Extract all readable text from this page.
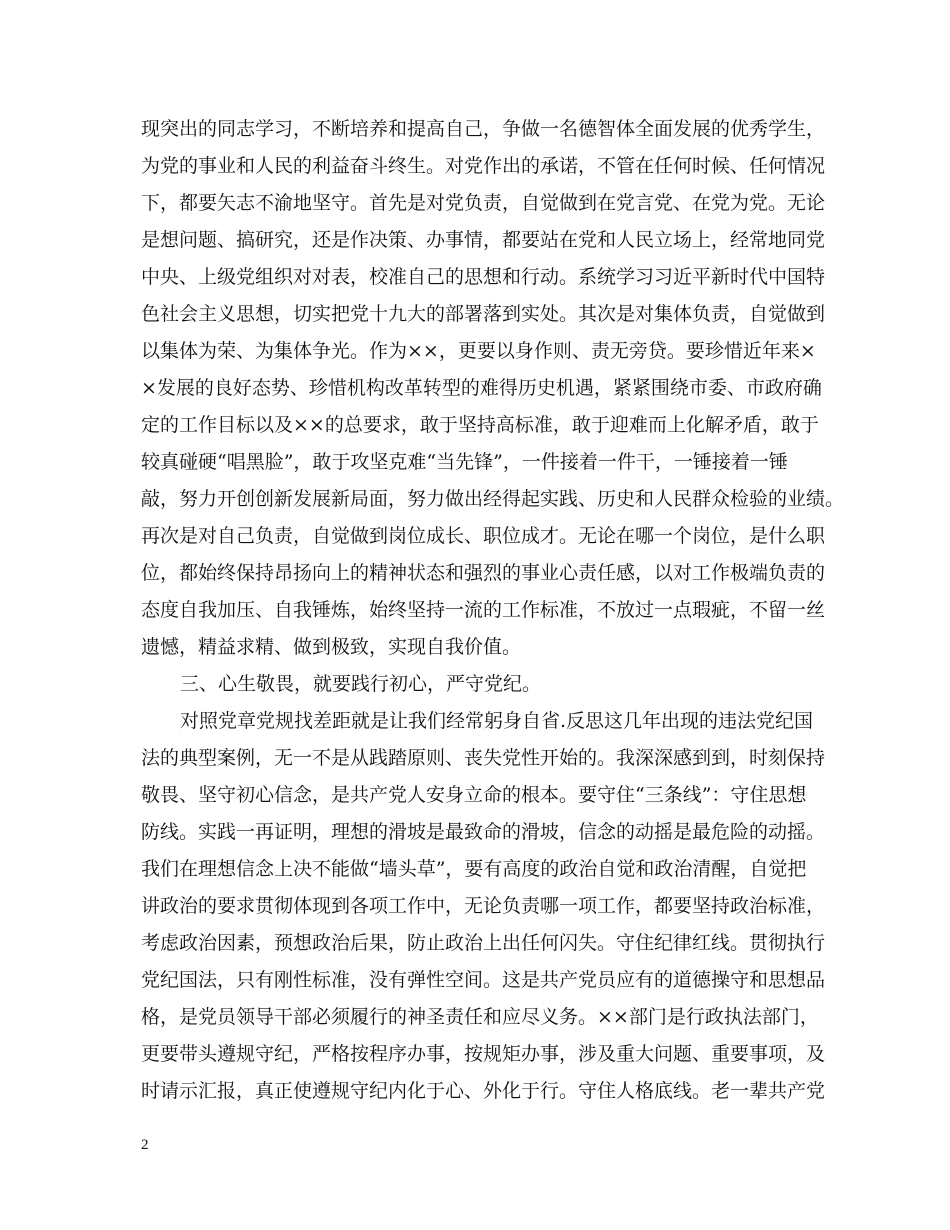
现突出的同志学习，不断培养和提高自己，争做一名德智体全面发展的优秀学生，
为党的事业和人民的利益奋斗终生。对党作出的承诺，不管在任何时候、任何情况
下，都要矢志不渝地坚守。首先是对党负责，自觉做到在党言党、在党为党。无论
是想问题、搞研究，还是作决策、办事情，都要站在党和人民立场上，经常地同党
中央、上级党组织对对表，校准自己的思想和行动。系统学习习近平新时代中国特
色社会主义思想，切实把党十九大的部署落到实处。其次是对集体负责，自觉做到
以集体为荣、为集体争光。作为××，更要以身作则、责无旁贷。要珍惜近年来×
×发展的良好态势、珍惜机构改革转型的难得历史机遇，紧紧围绕市委、市政府确
定的工作目标以及××的总要求，敢于坚持高标准，敢于迎难而上化解矛盾，敢于
较真碰硬“唱黑脸”，敢于攻坚克难“当先锋”，一件接着一件干，一锤接着一锤
敲，努力开创创新发展新局面，努力做出经得起实践、历史和人民群众检验的业绩。
再次是对自己负责，自觉做到岗位成长、职位成才。无论在哪一个岗位，是什么职
位，都始终保持昂扬向上的精神状态和强烈的事业心责任感，以对工作极端负责的
态度自我加压、自我锤炼，始终坚持一流的工作标准，不放过一点瑕疵，不留一丝
遗憾，精益求精、做到极致，实现自我价值。
三、心生敬畏，就要践行初心，严守党纪。
对照党章党规找差距就是让我们经常躬身自省.反思这几年出现的违法党纪国
法的典型案例，无一不是从践踏原则、丧失党性开始的。我深深感到到，时刻保持
敬畏、坚守初心信念，是共产党人安身立命的根本。要守住“三条线”：守住思想
防线。实践一再证明，理想的滑坡是最致命的滑坡，信念的动摇是最危险的动摇。
我们在理想信念上决不能做“墙头草”，要有高度的政治自觉和政治清醒，自觉把
讲政治的要求贯彻体现到各项工作中，无论负责哪一项工作，都要坚持政治标准，
考虑政治因素，预想政治后果，防止政治上出任何闪失。守住纪律红线。贯彻执行
党纪国法，只有刚性标准，没有弹性空间。这是共产党员应有的道德操守和思想品
格，是党员领导干部必须履行的神圣责任和应尽义务。××部门是行政执法部门，
更要带头遵规守纪，严格按程序办事，按规矩办事，涉及重大问题、重要事项，及
时请示汇报，真正使遵规守纪内化于心、外化于行。守住人格底线。老一辈共产党
2
